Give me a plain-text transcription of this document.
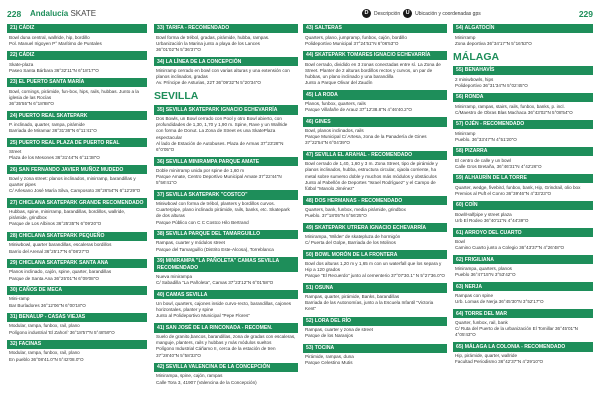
228 Andalucía SKATE	D	Descripción	U	Ubicación y coordenadas gps	229
21) CÁDIZ
Bowl duna central, wallride, hip, bordillo
Pol. Manuel Irigoyen P° Marítimo de Puntales
22) CÁDIZ
Skate-plaza
Paseo Santa Bárbara 36°32'11"N 6°18'17"O
23) EL PUERTO SANTA MARÍA
Bowl, cornings, pirámide, fun-box, hips, rails, hubbas. Junto a la iglesia de las Rocías
36°35'55"N 6°18'88"O
24) PUERTO REAL SKATEPARK
P. inclinado, quarter, rampa, pirámide
Barriada de Miramar 36°31'36"N 6°11'41"O
25) PUERTO REAL PLAZA DE PUERTO REAL
Street
Plaza de los Mesones 36°31'44"N 6°11'38"O
26) SAN FERNANDO JAVIER MUÑOZ MUDEDO
Bowl y zona street: planos inclinados, minirramp, barandillas y quarter pipes
C/ Arlesano José María Silva, Camposoto 36°26'54"N 6°12'29"O
27) CHICLANA SKATEPARK GRANDE RECOMENDADO
Hubbas, spine, minirramp, barandillas, bordillos, wallride, pirámide, grindbox
Parque de Los Albinos 36°25'35"N 6°09'20"O
28) CHICLANA SKATEPARK PEQUEÑO
Miniwbowl, quarter barandillas, escaleras bordillos
Barrio del Arenal 36°25'17"N 6°08'27"O
29) CHICLANA SKATEPARK SANTA ANA
Planos inclinado, cajón, spine, quarter, barandillas
Parque de Santa Ana 36°25'01"N 6°09'08"O
30) CAÑOS DE MECA
Mini-ramp
Bar Burladores 36°12'06"N 6°00'18"O
31) BENALUP - CASAS VIEJAS
Modular, rampa, funbox, rail, plano
Polígono industrial 'El Zahorí' 36°18'57"N 5°48'59"O
32) FACINAS
Modular, rampa, funbox, rail, plano
En pueblo 36°08'41.0"N 5°42'08.0"O
33) TARIFA - RECOMENDADO
Bowl forma de trébol, gradas, pirámide, hubba, rampas. Urbanización la Marina junto a playa de los Lances
36°01'02"N 5°36'37"O
34) LA LÍNEA DE LA CONCEPCIÓN
Minirramp cerrado en bowl con varias alturas y una extensión con planos inclinados, gradas
Av. Príncipe de Asturias, 22T 36°09'32"N 5°20'34"O
SEVILLA
35) SEVILLA SKATEPARK IGNACIO ECHEVARRÍA
Dos Bowls, un Bowl cerrado con Pool y otro Bowl abierto, con profundidades de 1,30, 1,70 y 1,90 m. Spine, Rave y un Wallride con forma de Donut. La Zona de Street es una SkatePlaza espectacular
Al lado de Estación de Autobuses. Plaza de Armas 37°23'28"N 6°0'05"O
36) SEVILLA MINIRAMPA PARQUE AMATE
Doble minirramp unida por spine de 1,60 m
Parque Amate, Centro Deportivo Municipal Amate 37°22'44"N 5°56'41"O
37) SEVILLA SKATEPARK "COSTCO"
Miniwbowl con forma de trébol, planters y bordillos curvos. Cuarterpipe, plano inclinado pirámide, rails, banks, etc. Skatepark de dos alturas
Parque Público con C C Costco Hilo Bertrand
38) SEVILLA PARQUE DEL TAMARGUILLO
Rampas, cuarter y módulos street
Parque del Tamarguillo (Distrito Este-Alcosa), Torreblanca
39) MINIRAMPA "LA PAÑOLETA" CAMAS SEVILLA RECOMENDADO
Nueva minirampa
C/ Sabadilla "La Pañoleta", Camas 37°23'12"N 6°01'58"O
40) CAMAS SEVILLA
Un bowl, quarters, cajones inside curvo-recto, barandillas, cajones horizontales, planter y spine
Junto al Polideportivo Municipal "Pepe Flores"
41) SAN JOSÉ DE LA RINCONADA - RECOMEN.
Suelo de granito,bancos, barandillas, zona de gradas con escaleras, manguje, planters, rails y hubbas y más módulos sueltos
Polígono Industrial Cáñamo II, cerca de la estación de tren 37°28'40"N 5°58'33"O
42) SEVILLA VALENCINA DE LA CONCEPCIÓN
Minirampa, spine, cajón, rampas
Calle Tora 3, 41907 (Valencina de la Concepción)
43) SALTERAS
Quarters, plano, jumpramp, funbox, cajón, bordillo
Polideportivo Municipal 37°24'51"N 6°06'53"O
44) SKATEPARK TOMARES IGNACIO ECHEVARRÍA
Bowl cerrado, dividido en 3 zonas conectadas entre sí. La Zona de Street. Planter de 2 alturas bordillos rectos y curvos, un par de hubbas, un plano inclinado y una barandilla
Junto a Parque Olivar del Zaudín
45) LA RODA
Planos, funbox, quarters, rails
Parque Villafañe de Arauz 37°12'38.8"N 4°46'40.2"O
46) GINES
Bowl, planos inclinados, rails
Parque Municipal C/ Artesa, zona de la Panadería de Gines 37°22'54"N 6°04'39"O
47) SEVILLA EL ARAHAL - RECOMENDADO
Bowl cerrado de 1,40, 1,60 y 3 m. Zona Street, tipo de pirámide y planos inclinados, hubba, estructura circular, ojaola corriente, ha metal sobre sumerso doble y muchos más módulos y obstáculos
Junto al Pabellón de Deportes "Israel Rodríguez" y el Campo de fútbol "Manolo Jiménez"
48) DOS HERMANAS - RECOMENDADO
Quarters, bank, funbox, media pirámide, grindbox
Pueblo. 37°18'05"N 5°56'25"O
49) SKATEPARK UTRERA IGNACIO ECHEVARRÍA
Minirampa, 'Wilder' de skatepluza de hormigón
C/ Puerta del Golpe, Barriada de los Molinos
50) BOWL MORÓN DE LA FRONTERA
Bowl dos alturas 1,20 m y 1,65 m con un waterfall que los separa y Hip a 120 grados
Parque "El Recuerdo" junto al cementerio 37°07'30.1" N 5°27'36.0"O
51) OSUNA
Rampas, quarter, pirámide, Banks, barandillas
Barriada de las Autonomías, junto a la Escuela Infantil "Victoria Kent"
52) LORA DEL RÍO
Rampas, cuarter y zona de street
Parque de los Naranjos
53) TOCINA
Pirámide, rampas, duna
Parque Celestino Mutis
54) ALGATOCÍN
Minirramp
Zona deportiva 36°34'17"N 5°16'53"O
MÁLAGA
55) BENAHAVÍS
2 miniwbowls, hips
Polideportivo 36°31'34"N 5°02'45"O
56) RONDA
Minirramp, rampas, stairs, rails, funbox, banks, p. incl.
C/Maestro de Obras Blas Machaca 36°43'02"N 5°08'54"O
57) OJÉN - RECOMENDADO
Minirramp
Pueblo. 36°33'47"N 4°51'20"O
58) PIZARRA
El centro de calle y un bowl
Calle Gros Bretaña, 36°46'31"N 4°42'26"O
59) ALHAURÍN DE LA TORRE
Quarter, wedge, fivebird, funbox, bank, Hip, Grindrail, olio box
Premios al Puft el Conro 36°39'46"N 4°33'23"O
60) COÍN
Bowl/Halfpipe y street plaza
Urb El Rodeo 36°40'11"N 4°44'39"O
61) ARROYO DEL CUARTO
Bowl
Camino Cuarto junto a Colegio 36°43'37"N 4°26'48"O
62) FRIGILIANA
Minirampa, quarters, planos
Pueblo 36°47'15"N 3°53'42"O
63) NERJA
Rampas con spine
Urb. Lomas de Nerja 36°45'30"N 3°52'17"O
64) TORRE DEL MAR
Quarter, funbox, rail, bank
C/ Ruta del Puerto de la urbanización El Tomillar 36°45'01"N 4°05'43"O
65) MÁLAGA LA COLONIA - RECOMENDADO
Hip, pirámide, quarter, wallride
Facultad Periodismo 36°42'37"N 4°29'10"O
